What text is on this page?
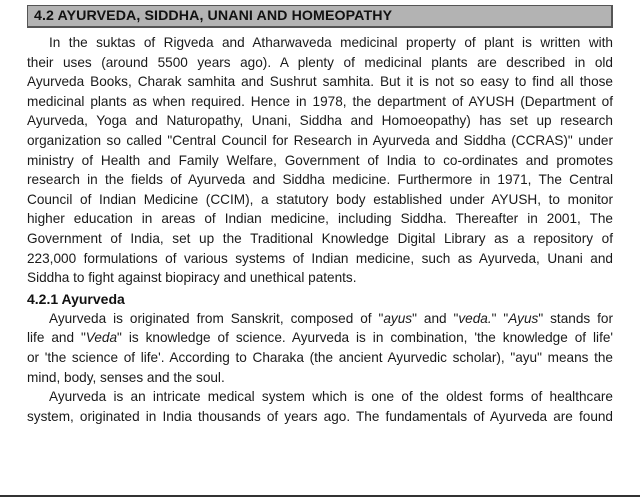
4.2 AYURVEDA, SIDDHA, UNANI AND HOMEOPATHY
In the suktas of Rigveda and Atharwaveda medicinal property of plant is written with
their uses (around 5500 years ago). A plenty of medicinal plants are described in old
Ayurveda Books, Charak samhita and Sushrut samhita. But it is not so easy to find all those
medicinal plants as when required. Hence in 1978, the department of AYUSH (Department of
Ayurveda, Yoga and Naturopathy, Unani, Siddha and Homoeopathy) has set up research
organization so called "Central Council for Research in Ayurveda and Siddha (CCRAS)" under
ministry of Health and Family Welfare, Government of India to co-ordinates and promotes
research in the fields of Ayurveda and Siddha medicine. Furthermore in 1971, The Central
Council of Indian Medicine (CCIM), a statutory body established under AYUSH, to monitor
higher education in areas of Indian medicine, including Siddha. Thereafter in 2001, The
Government of India, set up the Traditional Knowledge Digital Library as a repository of
223,000 formulations of various systems of Indian medicine, such as Ayurveda, Unani and
Siddha to fight against biopiracy and unethical patents.
4.2.1 Ayurveda
Ayurveda is originated from Sanskrit, composed of "ayus" and "veda." "Ayus" stands for
life and "Veda" is knowledge of science. Ayurveda is in combination, 'the knowledge of life'
or 'the science of life'. According to Charaka (the ancient Ayurvedic scholar), "ayu" means the
mind, body, senses and the soul.
Ayurveda is an intricate medical system which is one of the oldest forms of healthcare
system, originated in India thousands of years ago. The fundamentals of Ayurveda are found
